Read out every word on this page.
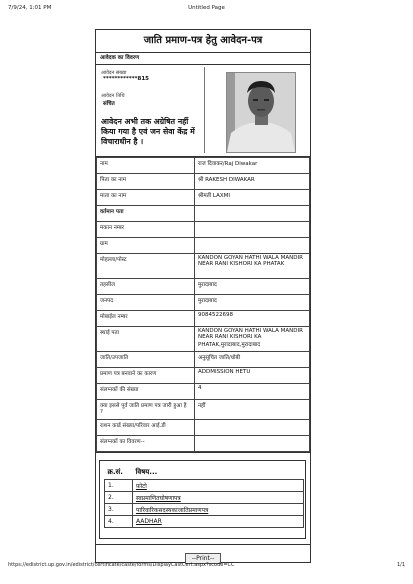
7/9/24, 1:01 PM	Untitled Page
जाति प्रमाण-पत्र हेतु आवेदन-पत्र
आवेदक का विवरण
आवेदन संख्या
************815
आवेदन तिथि
संचित
आवेदन अभी तक अग्रेषित नहीं किया गया है एवं जन सेवा केंद्र में विचाराधीन है ।
नाम	राज दिवाकर/Raj Diwakar
पिता का नाम	श्री RAKESH DIWAKAR
माता का नाम	श्रीमती LAXMI
वर्तमान पता	
मकान नम्बर	
ग्राम	
मोहल्ला/पोस्ट	KANDON GOYAN HATHI WALA MANDIR NEAR RANI KISHORI KA PHATAK
तहसील	मुरादाबाद
जनपद	मुरादाबाद
मोबाईल नम्बर	9084522698
स्थाई पता	KANDON GOYAN HATHI WALA MANDIR NEAR RANI KISHORI KA PHATAK,मुरादाबाद,मुरादाबाद
जाति/उपजाति	अनुसूचित जाति/धोबी
प्रमाण पत्र बनवाने का कारण	ADDMISSION HETU
संलग्नकों की संख्या	4
क्या इससे पूर्व जाति प्रमाण पत्र जारी हुआ है ?	नहीं
राशन कार्ड संख्या/परिवार आई.डी	
संलग्नकों का विवरण--	
क्र.सं.	विषय...
1.	फ़ोटो
2.	स्वप्रमाणितघोषणापत्र
3.	पारिवारिकसदस्यकाजातिप्रमाणपत्र
4.	AADHAR
--Print--
https://edistrict.up.gov.in/edistrict/certificate/caste/forms/DisplayCastCert.aspx?scode=CC	1/1
